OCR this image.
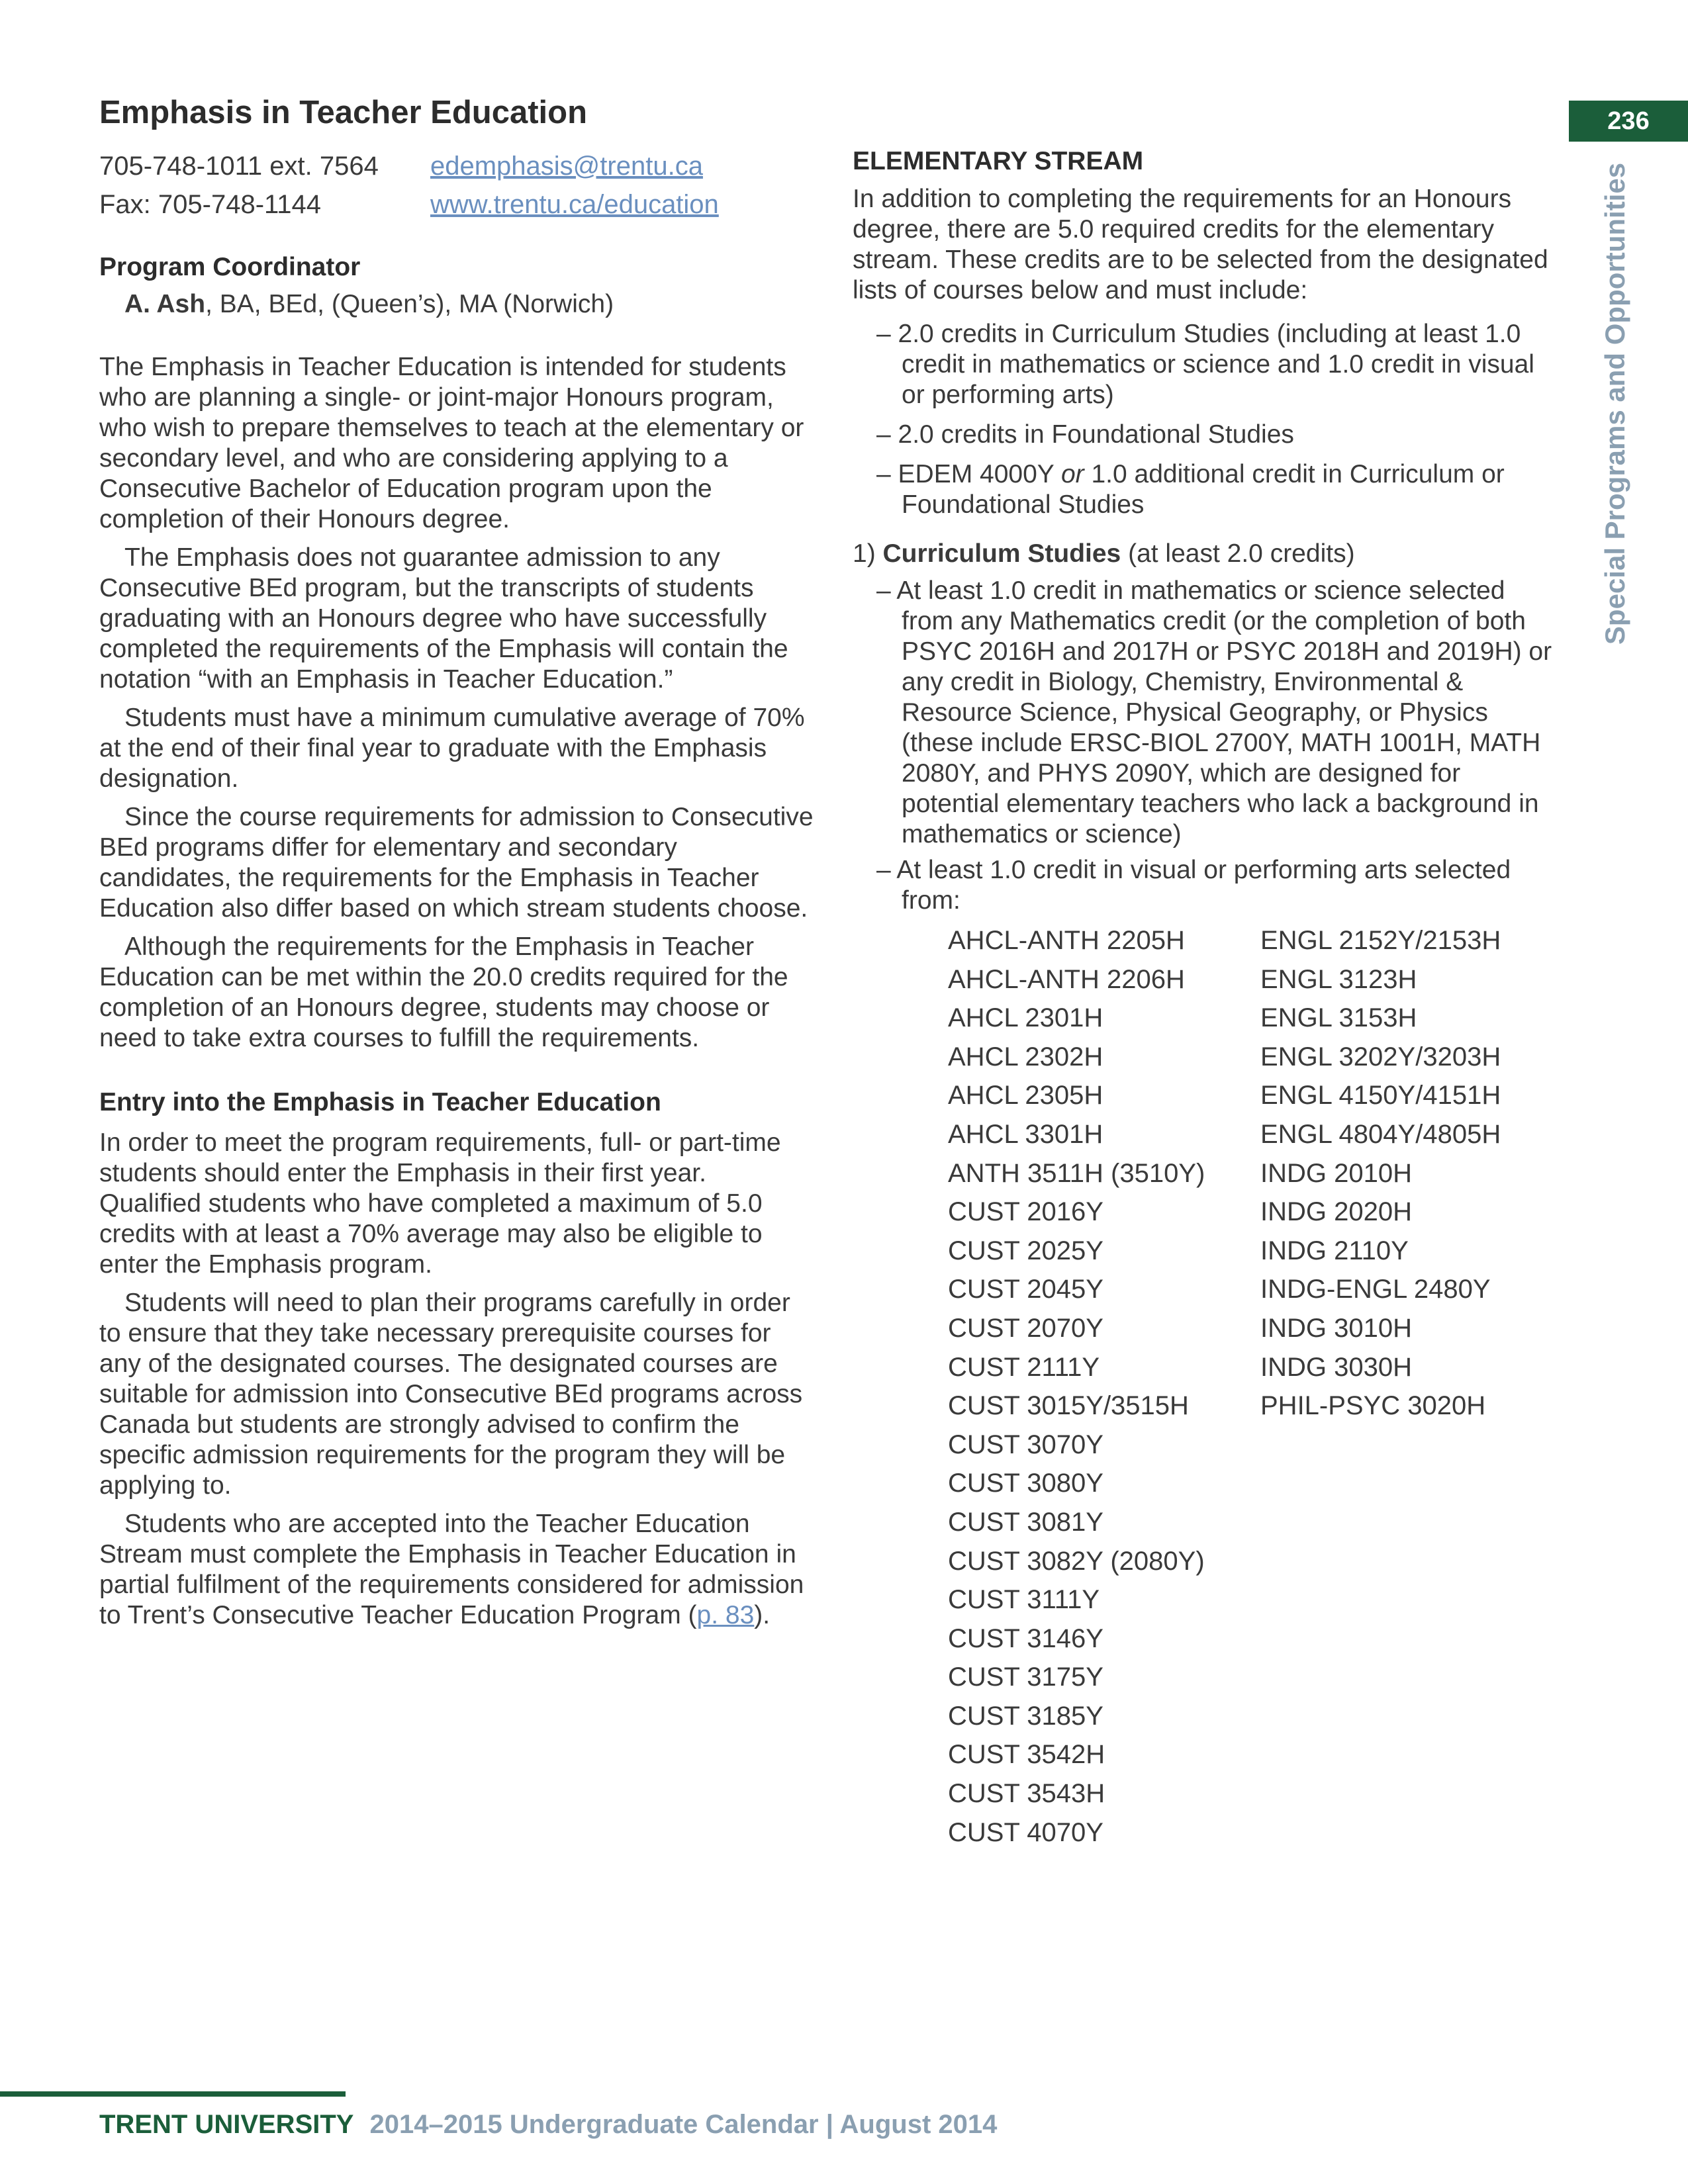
236
Special Programs and Opportunities
Emphasis in Teacher Education
705-748-1011 ext. 7564	edemphasis@trentu.ca
Fax: 705-748-1144	www.trentu.ca/education
Program Coordinator
A. Ash, BA, BEd, (Queen’s), MA (Norwich)

The Emphasis in Teacher Education is intended for students who are planning a single- or joint-major Honours program, who wish to prepare themselves to teach at the elementary or secondary level, and who are considering applying to a Consecutive Bachelor of Education program upon the completion of their Honours degree.

The Emphasis does not guarantee admission to any Consecutive BEd program, but the transcripts of students graduating with an Honours degree who have successfully completed the requirements of the Emphasis will contain the notation “with an Emphasis in Teacher Education.”

Students must have a minimum cumulative average of 70% at the end of their final year to graduate with the Emphasis designation.

Since the course requirements for admission to Consecutive BEd programs differ for elementary and secondary candidates, the requirements for the Emphasis in Teacher Education also differ based on which stream students choose.

Although the requirements for the Emphasis in Teacher Education can be met within the 20.0 credits required for the completion of an Honours degree, students may choose or need to take extra courses to fulfill the requirements.

Entry into the Emphasis in Teacher Education

In order to meet the program requirements, full- or part-time students should enter the Emphasis in their first year. Qualified students who have completed a maximum of 5.0 credits with at least a 70% average may also be eligible to enter the Emphasis program.

Students will need to plan their programs carefully in order to ensure that they take necessary prerequisite courses for any of the designated courses. The designated courses are suitable for admission into Consecutive BEd programs across Canada but students are strongly advised to confirm the specific admission requirements for the program they will be applying to.

Students who are accepted into the Teacher Education Stream must complete the Emphasis in Teacher Education in partial fulfilment of the requirements considered for admission to Trent’s Consecutive Teacher Education Program (p. 83).

ELEMENTARY STREAM

In addition to completing the requirements for an Honours degree, there are 5.0 required credits for the elementary stream. These credits are to be selected from the designated lists of courses below and must include:

– 2.0 credits in Curriculum Studies (including at least 1.0 credit in mathematics or science and 1.0 credit in visual or performing arts)
– 2.0 credits in Foundational Studies
– EDEM 4000Y or 1.0 additional credit in Curriculum or Foundational Studies
1) Curriculum Studies (at least 2.0 credits)
– At least 1.0 credit in mathematics or science selected from any Mathematics credit (or the completion of both PSYC 2016H and 2017H or PSYC 2018H and 2019H) or any credit in Biology, Chemistry, Environmental & Resource Science, Physical Geography, or Physics (these include ERSC-BIOL 2700Y, MATH 1001H, MATH 2080Y, and PHYS 2090Y, which are designed for potential elementary teachers who lack a background in mathematics or science)
– At least 1.0 credit in visual or performing arts selected from:
AHCL-ANTH 2205H
AHCL-ANTH 2206H
AHCL 2301H
AHCL 2302H
AHCL 2305H
AHCL 3301H
ANTH 3511H (3510Y)
CUST 2016Y
CUST 2025Y
CUST 2045Y
CUST 2070Y
CUST 2111Y
CUST 3015Y/3515H
CUST 3070Y
CUST 3080Y
CUST 3081Y
CUST 3082Y (2080Y)
CUST 3111Y
CUST 3146Y
CUST 3175Y
CUST 3185Y
CUST 3542H
CUST 3543H
CUST 4070Y
ENGL 2152Y/2153H
ENGL 3123H
ENGL 3153H
ENGL 3202Y/3203H
ENGL 4150Y/4151H
ENGL 4804Y/4805H
INDG 2010H
INDG 2020H
INDG 2110Y
INDG-ENGL 2480Y
INDG 3010H
INDG 3030H
PHIL-PSYC 3020H
TRENT UNIVERSITY 2014–2015 Undergraduate Calendar | August 2014
